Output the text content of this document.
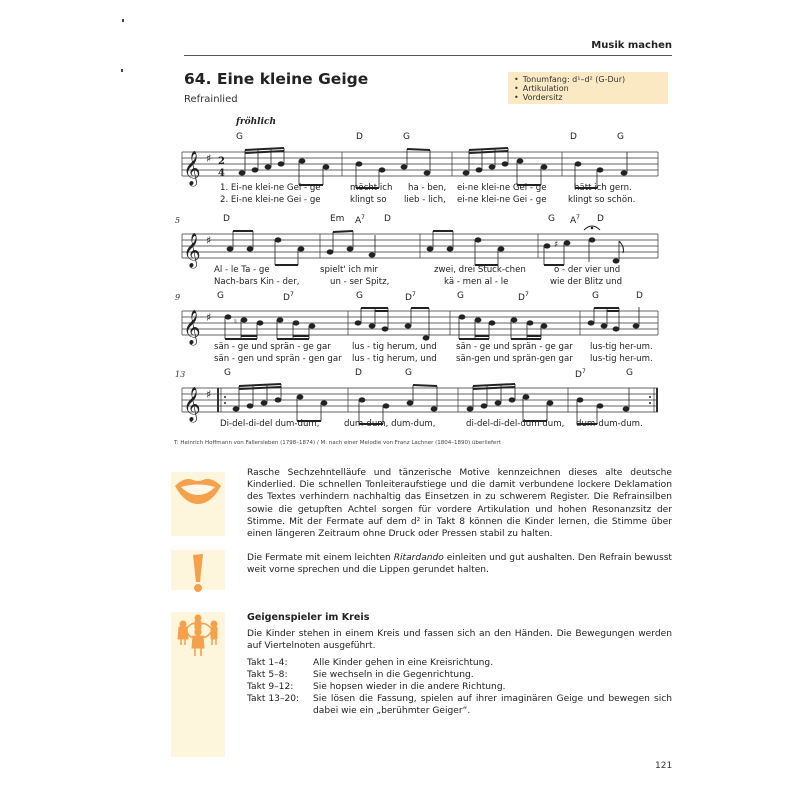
Musik machen
64. Eine kleine Geige
Refrainlied
• Tonumfang: d¹–d² (G-Dur)
• Artikulation
• Vordersitz
fröhlich
G	D	G	D	G
𝄞 ♯ 2
4
1. Ei-ne klei-ne Gei - ge	möcht ich ha - ben, ei-ne klei-ne Gei - ge	hätt ich gern.
2. Ei-ne klei-ne Gei - ge	klingt so lieb - lich, ei-ne klei-ne Gei - ge	klingt so schön.
5	D	Em $A^7$ D	G $A^7$ D
𝄞 ♯	♯
Al - le Ta - ge	spielt' ich mir	zwei, drei Stück-chen	o - der vier und
Nach-bars Kin - der,	un - ser Spitz,	kä - men al - le	wie der Blitz und
9	G	$D^7$	G	$D^7$	G	$D^7$	G	D
𝄞 ♯	♮
sän - ge und sprän - ge gar lus - tig herum, und sän - ge und sprän - ge gar lus-tig her-um.
sän - gen und sprän - gen gar lus - tig herum, und sän-gen und sprän-gen gar lus-tig her-um.
13	G	D	G	$D^7$	G
𝄞 ♯
Di-del-di-del dum-dum,	dum-dum, dum-dum,	di-del-di-del-dum dum, dum-dum-dum.
T: Heinrich Hoffmann von Fallersleben (1798–1874) / M: nach einer Melodie von Franz Lachner (1804–1890) überliefert
Rasche Sechzehntelläufe und tänzerische Motive kennzeichnen dieses alte deutsche Kinderlied. Die schnellen Tonleiteraufstiege und die damit verbundene lockere Deklamation des Textes verhindern nachhaltig das Einsetzen in zu schwerem Register. Die Refrainsilben sowie die getupften Achtel sorgen für vordere Artikulation und hohen Resonanzsitz der Stimme. Mit der Fermate auf dem d² in Takt 8 können die Kinder lernen, die Stimme über einen längeren Zeitraum ohne Druck oder Pressen stabil zu halten.
Die Fermate mit einem leichten Ritardando einleiten und gut aushalten. Den Refrain bewusst weit vorne sprechen und die Lippen gerundet halten.
Geigenspieler im Kreis
Die Kinder stehen in einem Kreis und fassen sich an den Händen. Die Bewegungen werden auf Viertelnoten ausgeführt.
Takt 1–4:	Alle Kinder gehen in eine Kreisrichtung.
Takt 5–8:	Sie wechseln in die Gegenrichtung.
Takt 9–12:	Sie hopsen wieder in die andere Richtung.
Takt 13–20:	Sie lösen die Fassung, spielen auf ihrer imaginären Geige und bewegen sich dabei wie ein „berühmter Geiger“.
121
